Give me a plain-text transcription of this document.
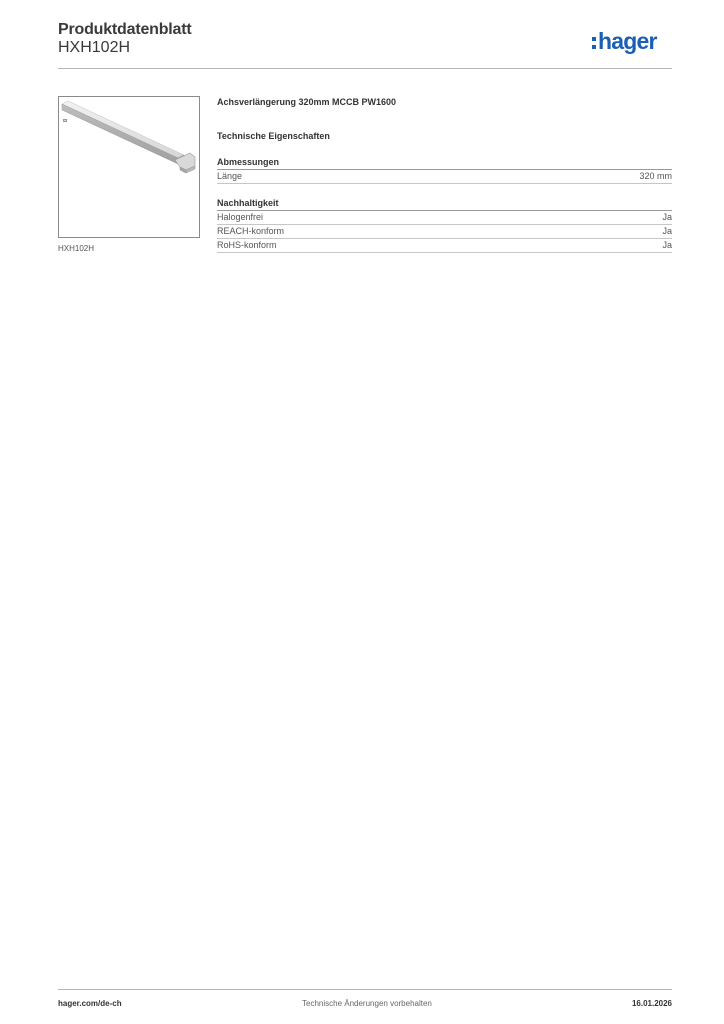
Produktdatenblatt
HXH102H	hager
HXH102H
Achsverlängerung 320mm MCCB PW1600
Technische Eigenschaften
Abmessungen
Länge	320 mm
Nachhaltigkeit
Halogenfrei	Ja
REACH-konform	Ja
RoHS-konform	Ja
hager.com/de-ch	Technische Änderungen vorbehalten	16.01.2026
